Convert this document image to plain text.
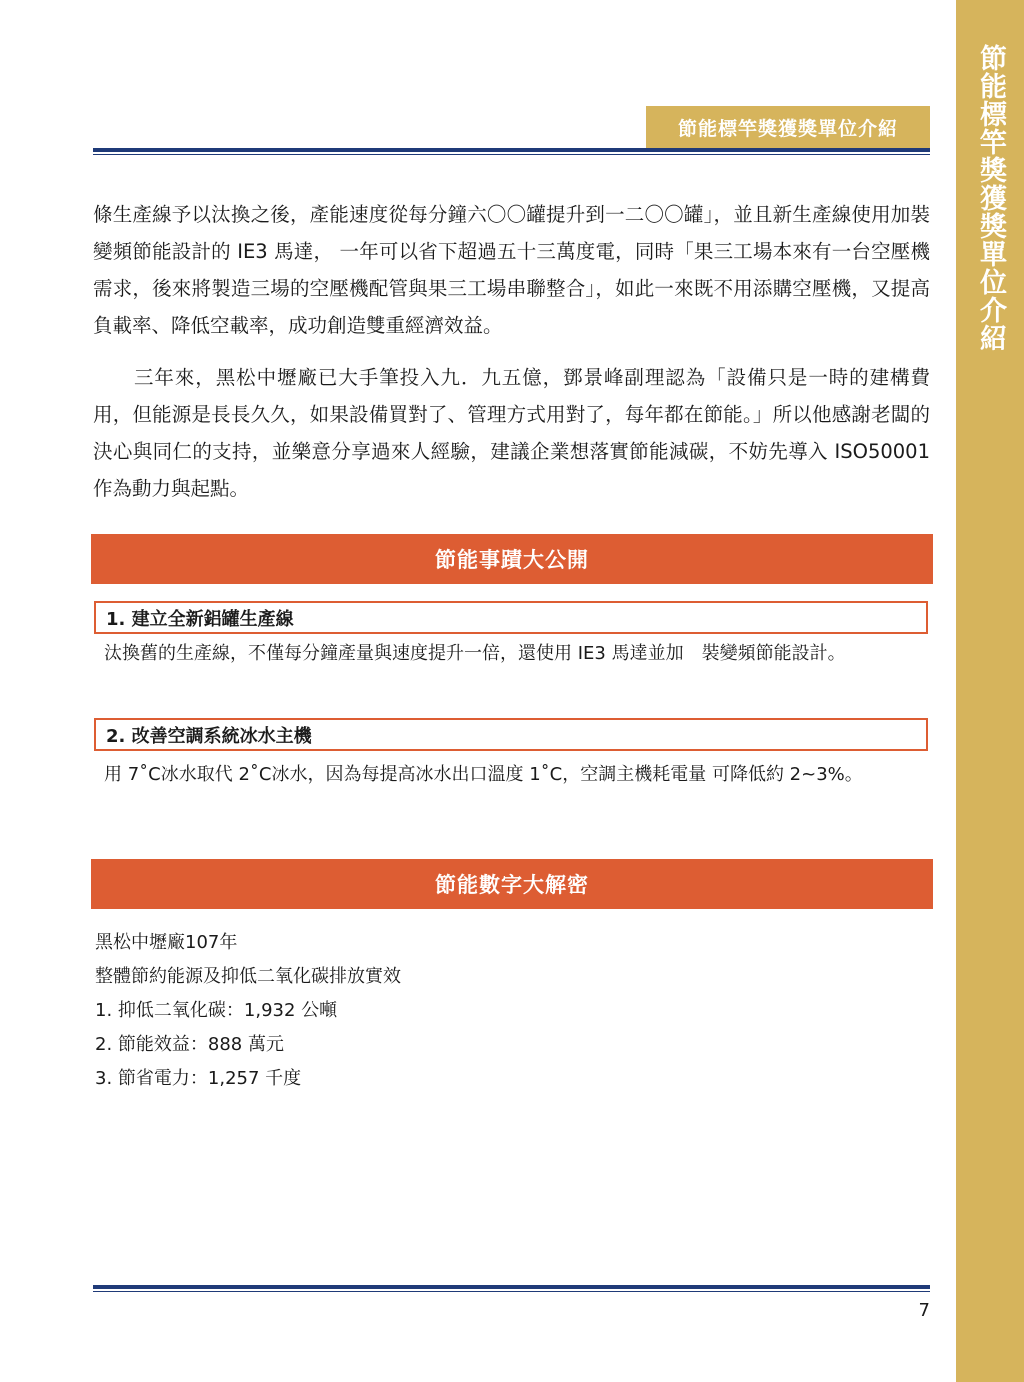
節能標竿獎獲獎單位介紹
節能標竿獎獲獎單位介紹

條生產線予以汰換之後，產能速度從每分鐘六〇〇罐提升到一二〇〇罐」，並且新生產線使用加裝變頻節能設計的 IE3 馬達， 一年可以省下超過五十三萬度電，同時「果三工場本來有一台空壓機需求，後來將製造三場的空壓機配管與果三工場串聯整合」，如此一來既不用添購空壓機，又提高負載率、降低空載率，成功創造雙重經濟效益。

三年來，黑松中壢廠已大手筆投入九．九五億，鄧景峰副理認為「設備只是一時的建構費用，但能源是長長久久，如果設備買對了、管理方式用對了，每年都在節能。」所以他感謝老闆的決心與同仁的支持，並樂意分享過來人經驗，建議企業想落實節能減碳，不妨先導入 ISO50001 作為動力與起點。

節能事蹟大公開
1. 建立全新鋁罐生產線

汰換舊的生產線，不僅每分鐘產量與速度提升一倍，還使用 IE3 馬達並加　裝變頻節能設計。

2. 改善空調系統冰水主機

用 7˚C冰水取代 2˚C冰水，因為每提高冰水出口溫度 1˚C，空調主機耗電量 可降低約 2~3%。

節能數字大解密
黑松中壢廠107年
整體節約能源及抑低二氧化碳排放實效
1. 抑低二氧化碳：1,932 公噸
2. 節能效益：888 萬元
3. 節省電力：1,257 千度
7
